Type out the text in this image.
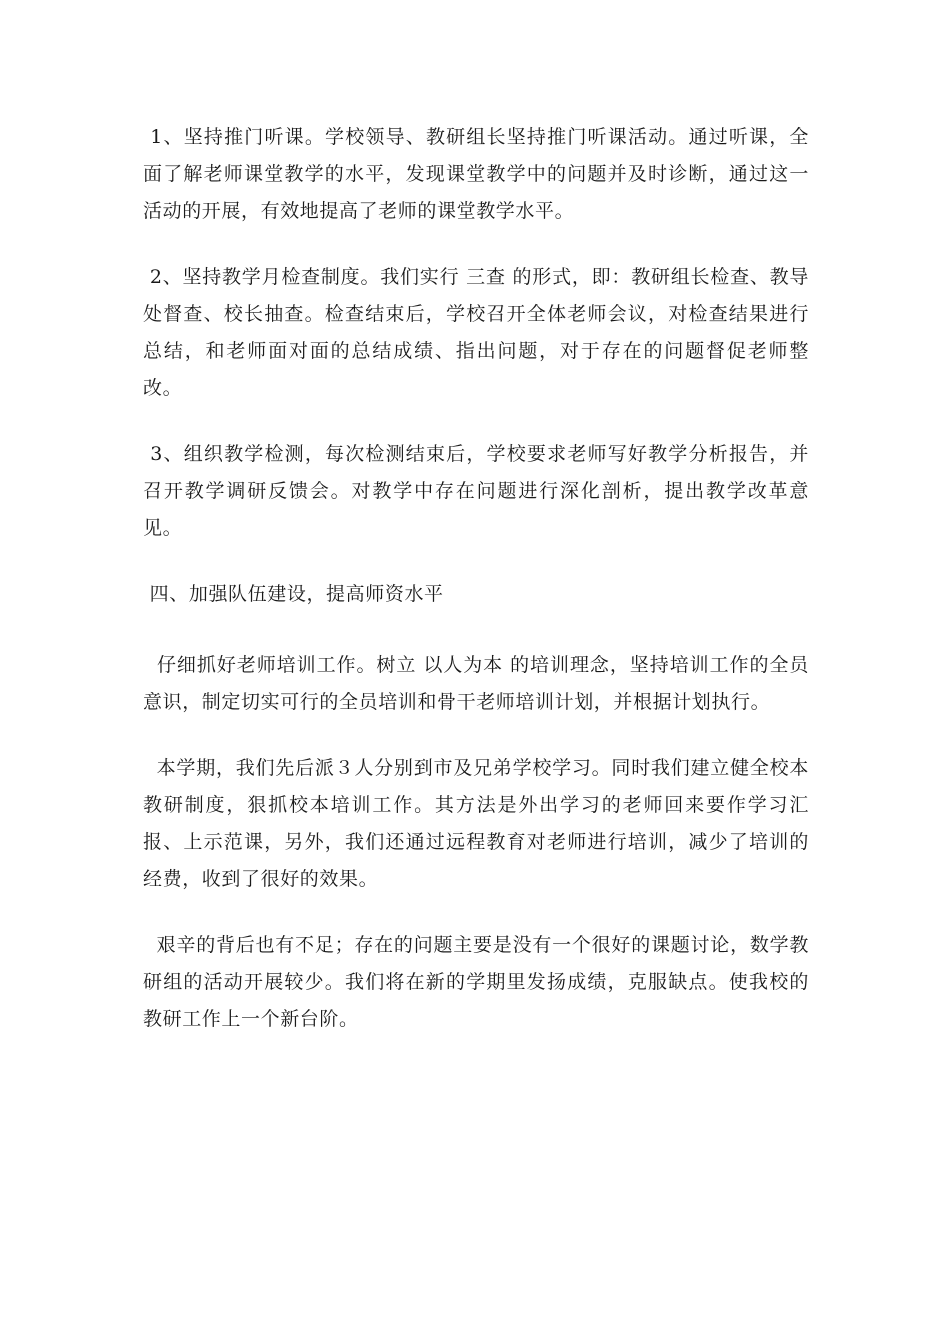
1、坚持推门听课。学校领导、教研组长坚持推门听课活动。通过听课，全面了解老师课堂教学的水平，发现课堂教学中的问题并及时诊断，通过这一活动的开展，有效地提高了老师的课堂教学水平。

2、坚持教学月检查制度。我们实行 三查 的形式，即：教研组长检查、教导处督查、校长抽查。检查结束后，学校召开全体老师会议，对检查结果进行总结，和老师面对面的总结成绩、指出问题，对于存在的问题督促老师整改。

3、组织教学检测，每次检测结束后，学校要求老师写好教学分析报告，并召开教学调研反馈会。对教学中存在问题进行深化剖析，提出教学改革意见。

四、加强队伍建设，提高师资水平

仔细抓好老师培训工作。树立 以人为本 的培训理念，坚持培训工作的全员意识，制定切实可行的全员培训和骨干老师培训计划，并根据计划执行。

本学期，我们先后派３人分别到市及兄弟学校学习。同时我们建立健全校本教研制度，狠抓校本培训工作。其方法是外出学习的老师回来要作学习汇报、上示范课，另外，我们还通过远程教育对老师进行培训，减少了培训的经费，收到了很好的效果。

艰辛的背后也有不足；存在的问题主要是没有一个很好的课题讨论，数学教研组的活动开展较少。我们将在新的学期里发扬成绩，克服缺点。使我校的教研工作上一个新台阶。
